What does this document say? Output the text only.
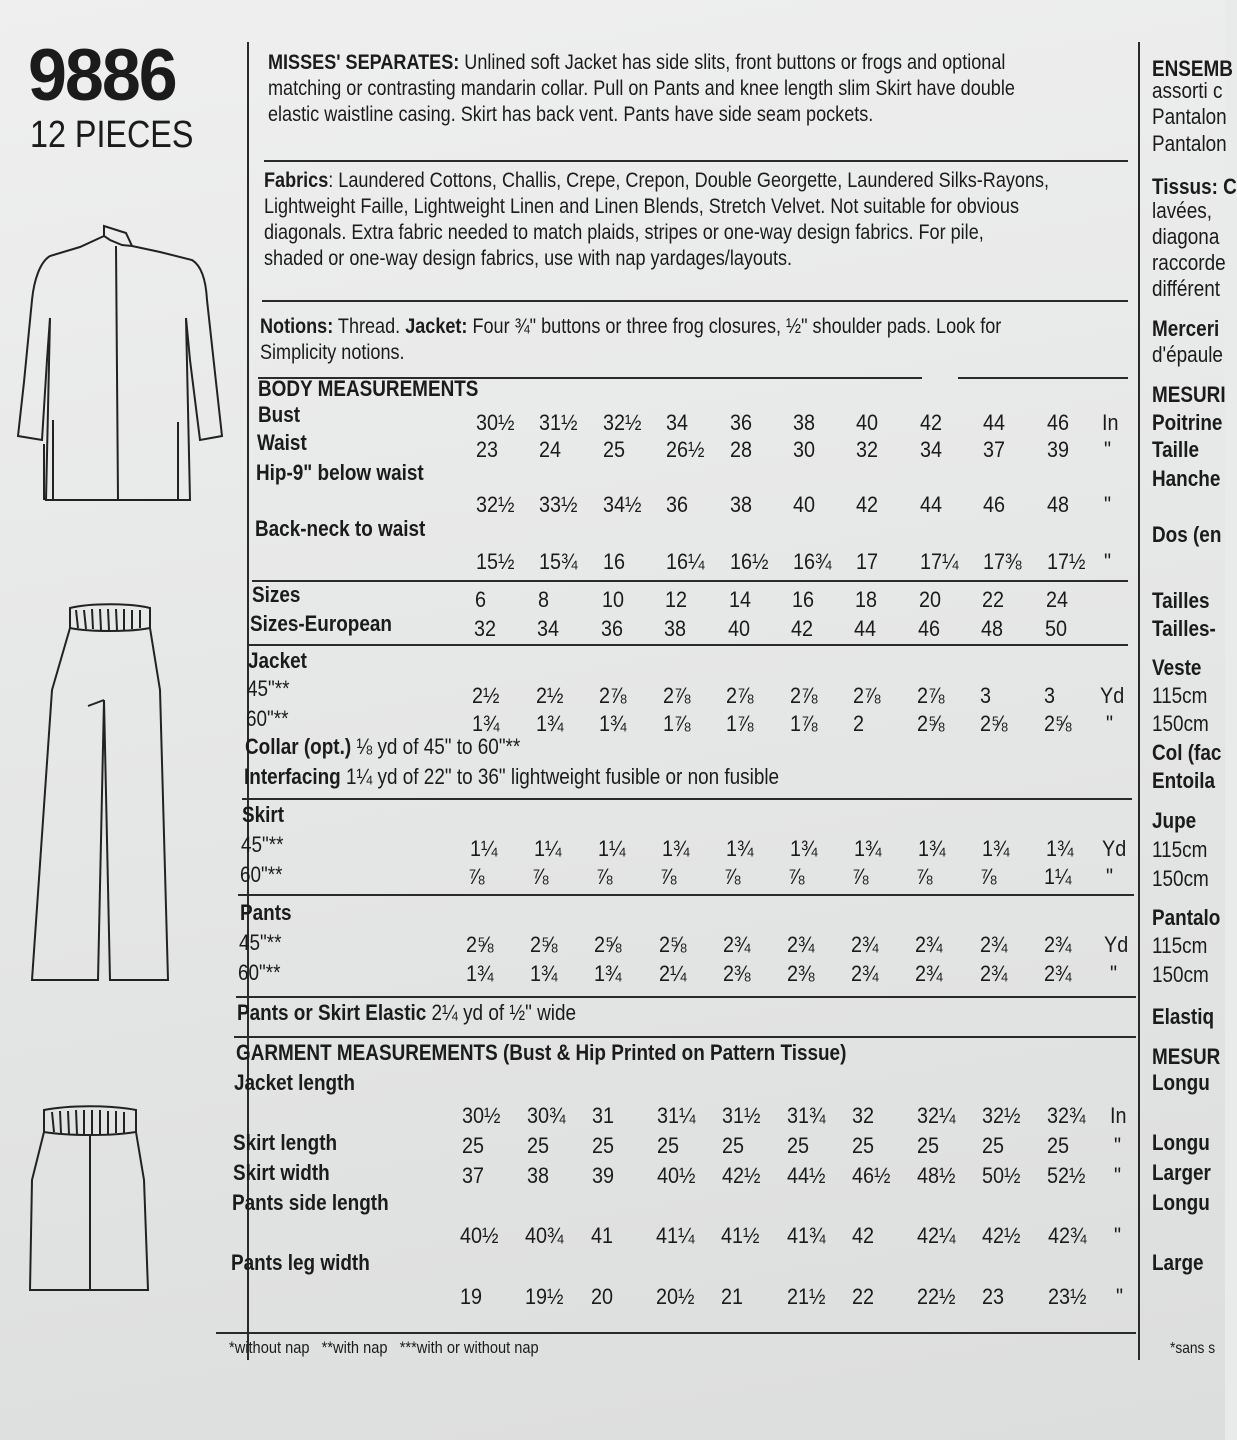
9886
12 PIECES
MISSES' SEPARATES: Unlined soft Jacket has side slits, front buttons or frogs and optional
matching or contrasting mandarin collar. Pull on Pants and knee length slim Skirt have double
elastic waistline casing. Skirt has back vent. Pants have side seam pockets.
Fabrics: Laundered Cottons, Challis, Crepe, Crepon, Double Georgette, Laundered Silks-Rayons,
Lightweight Faille, Lightweight Linen and Linen Blends, Stretch Velvet. Not suitable for obvious
diagonals. Extra fabric needed to match plaids, stripes or one-way design fabrics. For pile,
shaded or one-way design fabrics, use with nap yardages/layouts.
Notions: Thread. Jacket: Four ¾" buttons or three frog closures, ½" shoulder pads. Look for
Simplicity notions.
BODY MEASUREMENTS
Bust
Waist
Hip-9" below waist
Back-neck to waist
Sizes
Sizes-European
Jacket
45"**
60"**
Collar (opt.) ⅛ yd of 45" to 60"**
Interfacing 1¼ yd of 22" to 36" lightweight fusible or non fusible
Skirt
45"**
60"**
Pants
45"**
60"**
Pants or Skirt Elastic 2¼ yd of ½" wide
GARMENT MEASUREMENTS (Bust & Hip Printed on Pattern Tissue)
Jacket length
Skirt length
Skirt width
Pants side length
Pants leg width
*without nap **with nap ***with or without nap
30½ 31½ 32½ 34 36 38 40 42 44 46 In
23 24 25 26½ 28 30 32 34 37 39 "
32½ 33½ 34½ 36 38 40 42 44 46 48 "
15½ 15¾ 16 16¼ 16½ 16¾ 17 17¼ 17⅜ 17½ "
6 8 10 12 14 16 18 20 22 24
32 34 36 38 40 42 44 46 48 50
2½ 2½ 2⅞ 2⅞ 2⅞ 2⅞ 2⅞ 2⅞ 3 3 Yd
1¾ 1¾ 1¾ 1⅞ 1⅞ 1⅞ 2 2⅝ 2⅝ 2⅝ "
1¼ 1¼ 1¼ 1¾ 1¾ 1¾ 1¾ 1¾ 1¾ 1¾ Yd
⅞ ⅞ ⅞ ⅞ ⅞ ⅞ ⅞ ⅞ ⅞ 1¼ "
2⅝ 2⅝ 2⅝ 2⅝ 2¾ 2¾ 2¾ 2¾ 2¾ 2¾ Yd
1¾ 1¾ 1¾ 2¼ 2⅜ 2⅜ 2¾ 2¾ 2¾ 2¾ "
30½ 30¾ 31 31¼ 31½ 31¾ 32 32¼ 32½ 32¾ In
25 25 25 25 25 25 25 25 25 25 "
37 38 39 40½ 42½ 44½ 46½ 48½ 50½ 52½ "
40½ 40¾ 41 41¼ 41½ 41¾ 42 42¼ 42½ 42¾ "
19 19½ 20 20½ 21 21½ 22 22½ 23 23½ "
ENSEMB
assorti c
Pantalon
Pantalon
Tissus: C
lavées,
diagona
raccorde
différent
Merceri
d'épaule
MESURI
Poitrine
Taille
Hanche
Dos (en
Tailles
Tailles-
Veste
115cm
150cm
Col (fac
Entoila
Jupe
115cm
150cm
Pantalo
115cm
150cm
Elastiq
MESUR
Longu
Longu
Larger
Longu
Large
*sans s
